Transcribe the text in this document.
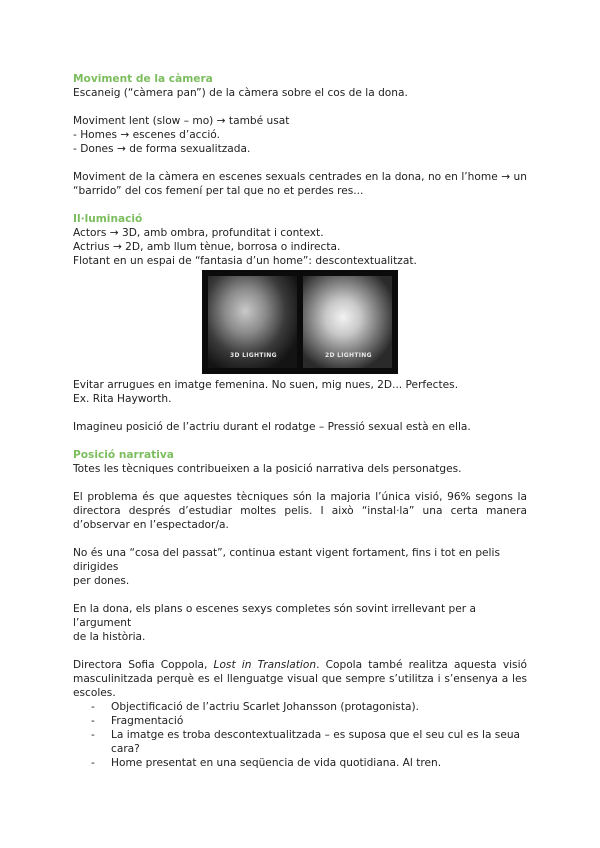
Moviment de la càmera

Escaneig (“càmera pan”) de la càmera sobre el cos de la dona.

Moviment lent (slow – mo) → també usat

- Homes → escenes d’acció.

- Dones → de forma sexualitzada.

Moviment de la càmera en escenes sexuals centrades en la dona, no en l’home → un “barrido” del cos femení per tal que no et perdes res...

Il·luminació

Actors → 3D, amb ombra, profunditat i context.

Actrius → 2D, amb llum tènue, borrosa o indirecta.

Flotant en un espai de “fantasia d’un home”: descontextualitzat.

3D LIGHTING	2D LIGHTING

Evitar arrugues en imatge femenina. No suen, mig nues, 2D... Perfectes.

Ex. Rita Hayworth.

Imagineu posició de l’actriu durant el rodatge – Pressió sexual està en ella.

Posició narrativa

Totes les tècniques contribueixen a la posició narrativa dels personatges.

El problema és que aquestes tècniques són la majoria l’única visió, 96% segons la directora després d’estudiar moltes pelis. I això “instal·la” una certa manera d’observar en l’espectador/a.

No és una “cosa del passat”, continua estant vigent fortament, fins i tot en pelis dirigides

per dones.

En la dona, els plans o escenes sexys completes són sovint irrellevant per a l’argument

de la història.

Directora Sofia Coppola, Lost in Translation. Copola també realitza aquesta visió masculinitzada perquè es el llenguatge visual que sempre s’utilitza i s’ensenya a les escoles.

- Objectificació de l’actriu Scarlet Johansson (protagonista).
- Fragmentació
- La imatge es troba descontextualitzada – es suposa que el seu cul es la seua cara?
- Home presentat en una seqüencia de vida quotidiana. Al tren.
